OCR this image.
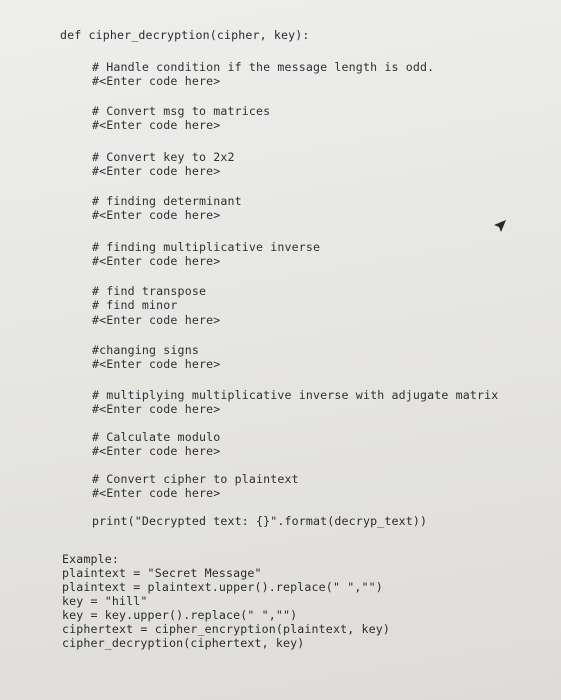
def cipher_decryption(cipher, key):
# Handle condition if the message length is odd.
#<Enter code here>
# Convert msg to matrices
#<Enter code here>
# Convert key to 2x2
#<Enter code here>
# finding determinant
#<Enter code here>
# finding multiplicative inverse
#<Enter code here>
# find transpose
# find minor
#<Enter code here>
#changing signs
#<Enter code here>
# multiplying multiplicative inverse with adjugate matrix
#<Enter code here>
# Calculate modulo
#<Enter code here>
# Convert cipher to plaintext
#<Enter code here>
print("Decrypted text: {}".format(decryp_text))
Example:
plaintext = "Secret Message"
plaintext = plaintext.upper().replace(" ","")
key = "hill"
key = key.upper().replace(" ","")
ciphertext = cipher_encryption(plaintext, key)
cipher_decryption(ciphertext, key)
